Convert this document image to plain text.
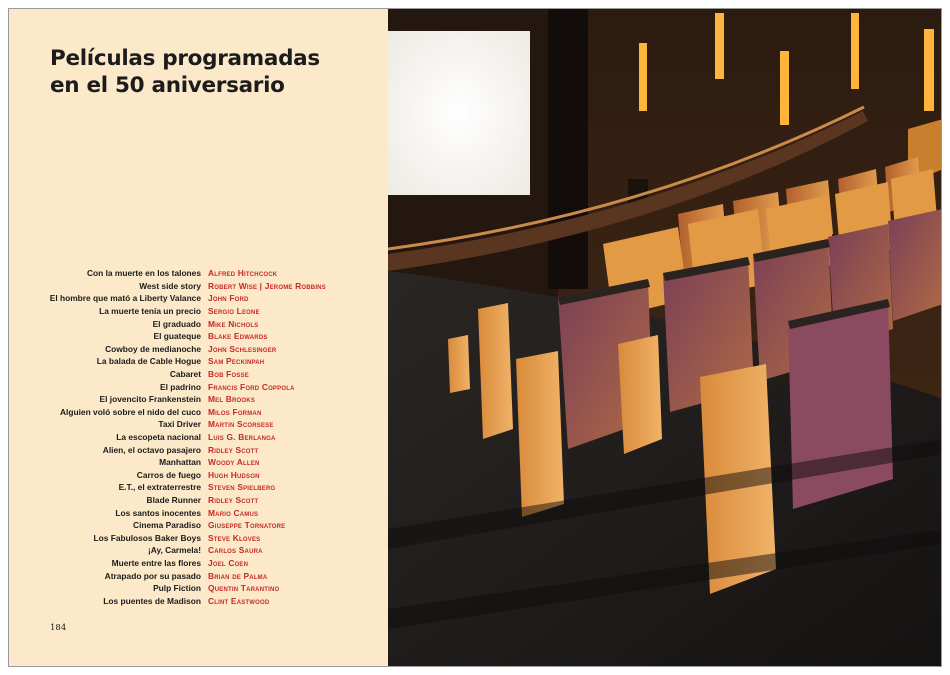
Películas programadas
en el 50 aniversario
Con la muerte en los talones Alfred Hitchcock
West side story Robert Wise | Jerome Robbins
El hombre que mató a Liberty Valance John Ford
La muerte tenía un precio Sergio Leone
El graduado Mike Nichols
El guateque Blake Edwards
Cowboy de medianoche John Schlesinger
La balada de Cable Hogue Sam Peckinpah
Cabaret Bob Fosse
El padrino Francis Ford Coppola
El jovencito Frankenstein Mel Brooks
Alguien voló sobre el nido del cuco Milos Forman
Taxi Driver Martin Scorsese
La escopeta nacional Luis G. Berlanga
Alien, el octavo pasajero Ridley Scott
Manhattan Woody Allen
Carros de fuego Hugh Hudson
E.T., el extraterrestre Steven Spielberg
Blade Runner Ridley Scott
Los santos inocentes Mario Camus
Cinema Paradiso Giuseppe Tornatore
Los Fabulosos Baker Boys Steve Kloves
¡Ay, Carmela! Carlos Saura
Muerte entre las flores Joel Coen
Atrapado por su pasado Brian de Palma
Pulp Fiction Quentin Tarantino
Los puentes de Madison Clint Eastwood
184
